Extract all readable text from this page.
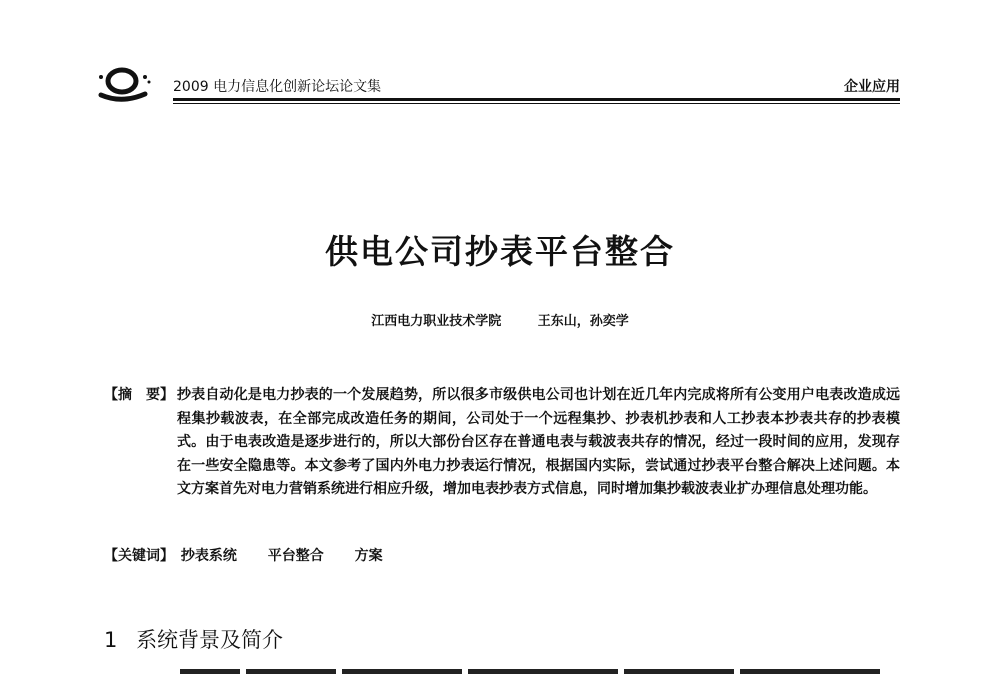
2009 电力信息化创新论坛论文集	企业应用
供电公司抄表平台整合
江西电力职业技术学院	王东山，孙奕学
【摘　要】 抄表自动化是电力抄表的一个发展趋势，所以很多市级供电公司也计划在近几年内完成将所有公变用户电表改造成远程集抄载波表，在全部完成改造任务的期间，公司处于一个远程集抄、抄表机抄表和人工抄表本抄表共存的抄表模式。由于电表改造是逐步进行的，所以大部份台区存在普通电表与载波表共存的情况，经过一段时间的应用，发现存在一些安全隐患等。本文参考了国内外电力抄表运行情况，根据国内实际，尝试通过抄表平台整合解决上述问题。本文方案首先对电力营销系统进行相应升级，增加电表抄表方式信息，同时增加集抄载波表业扩办理信息处理功能。
【关键词】 抄表系统 平台整合 方案
1 系统背景及简介
